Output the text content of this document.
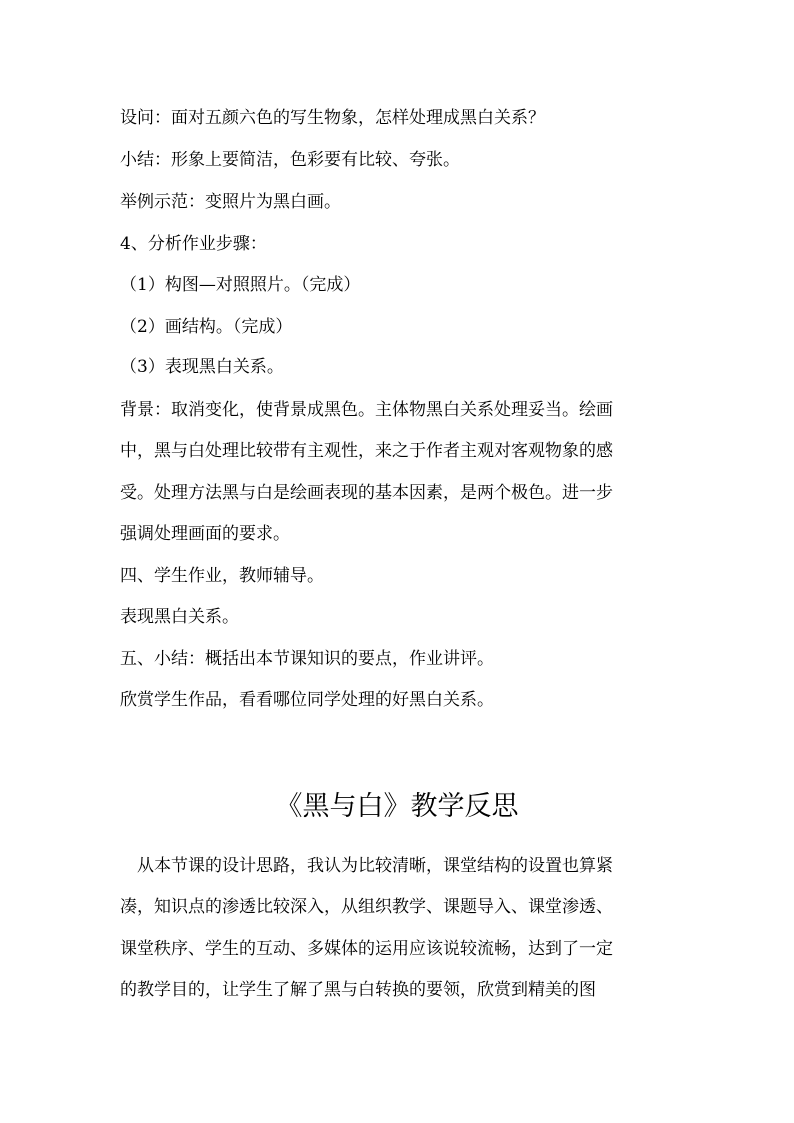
设问：面对五颜六色的写生物象，怎样处理成黑白关系？

小结：形象上要简洁，色彩要有比较、夸张。

举例示范：变照片为黑白画。

4、分析作业步骤：

（1）构图—对照照片。（完成）

（2）画结构。（完成）

（3）表现黑白关系。

背景：取消变化，使背景成黑色。主体物黑白关系处理妥当。绘画

中，黑与白处理比较带有主观性，来之于作者主观对客观物象的感

受。处理方法黑与白是绘画表现的基本因素，是两个极色。进一步

强调处理画面的要求。

四、学生作业，教师辅导。

表现黑白关系。

五、小结：概括出本节课知识的要点，作业讲评。

欣赏学生作品，看看哪位同学处理的好黑白关系。

《黑与白》教学反思

从本节课的设计思路，我认为比较清晰，课堂结构的设置也算紧

凑，知识点的渗透比较深入，从组织教学、课题导入、课堂渗透、

课堂秩序、学生的互动、多媒体的运用应该说较流畅，达到了一定

的教学目的，让学生了解了黑与白转换的要领，欣赏到精美的图
